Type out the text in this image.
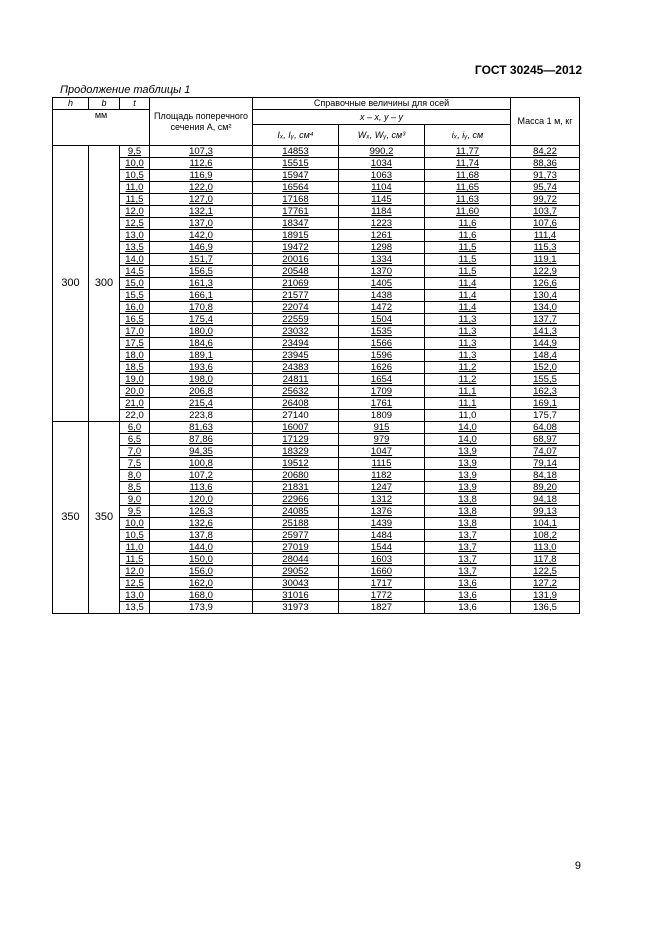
ГОСТ 30245—2012
Продолжение таблицы 1
h	b	t	Площадь поперечного сечения A, см²	Справочные величины для осей			Масса 1 м, кг
мм				x – x, y – y			
				Iₓ, Iᵧ, см⁴	Wₓ, Wᵧ, см³	iₓ, iᵧ, см	
300	300	9,5	107,3	14853	990,2	11,77	84,22
		10,0	112,6	15515	1034	11,74	88,36
		10,5	116,9	15947	1063	11,68	91,73
		11,0	122,0	16564	1104	11,65	95,74
		11,5	127,0	17168	1145	11,63	99,72
		12,0	132,1	17761	1184	11,60	103,7
		12,5	137,0	18347	1223	11,6	107,6
		13,0	142,0	18915	1261	11,6	111,4
		13,5	146,9	19472	1298	11,5	115,3
		14,0	151,7	20016	1334	11,5	119,1
		14,5	156,5	20548	1370	11,5	122,9
		15,0	161,3	21069	1405	11,4	126,6
		15,5	166,1	21577	1438	11,4	130,4
		16,0	170,8	22074	1472	11,4	134,0
		16,5	175,4	22559	1504	11,3	137,7
		17,0	180,0	23032	1535	11,3	141,3
		17,5	184,6	23494	1566	11,3	144,9
		18,0	189,1	23945	1596	11,3	148,4
		18,5	193,6	24383	1626	11,2	152,0
		19,0	198,0	24811	1654	11,2	155,5
		20,0	206,8	25632	1709	11,1	162,3
		21,0	215,4	26408	1761	11,1	169,1
		22,0	223,8	27140	1809	11,0	175,7
350	350	6,0	81,63	16007	915	14,0	64,08
		6,5	87,86	17129	979	14,0	68,97
		7,0	94,35	18329	1047	13,9	74,07
		7,5	100,8	19512	1115	13,9	79,14
		8,0	107,2	20680	1182	13,9	84,18
		8,5	113,6	21831	1247	13,9	89,20
		9,0	120,0	22966	1312	13,8	94,18
		9,5	126,3	24085	1376	13,8	99,13
		10,0	132,6	25188	1439	13,8	104,1
		10,5	137,8	25977	1484	13,7	108,2
		11,0	144,0	27019	1544	13,7	113,0
		11,5	150,0	28044	1603	13,7	117,8
		12,0	156,0	29052	1660	13,7	122,5
		12,5	162,0	30043	1717	13,6	127,2
		13,0	168,0	31016	1772	13,6	131,9
		13,5	173,9	31973	1827	13,6	136,5
9
